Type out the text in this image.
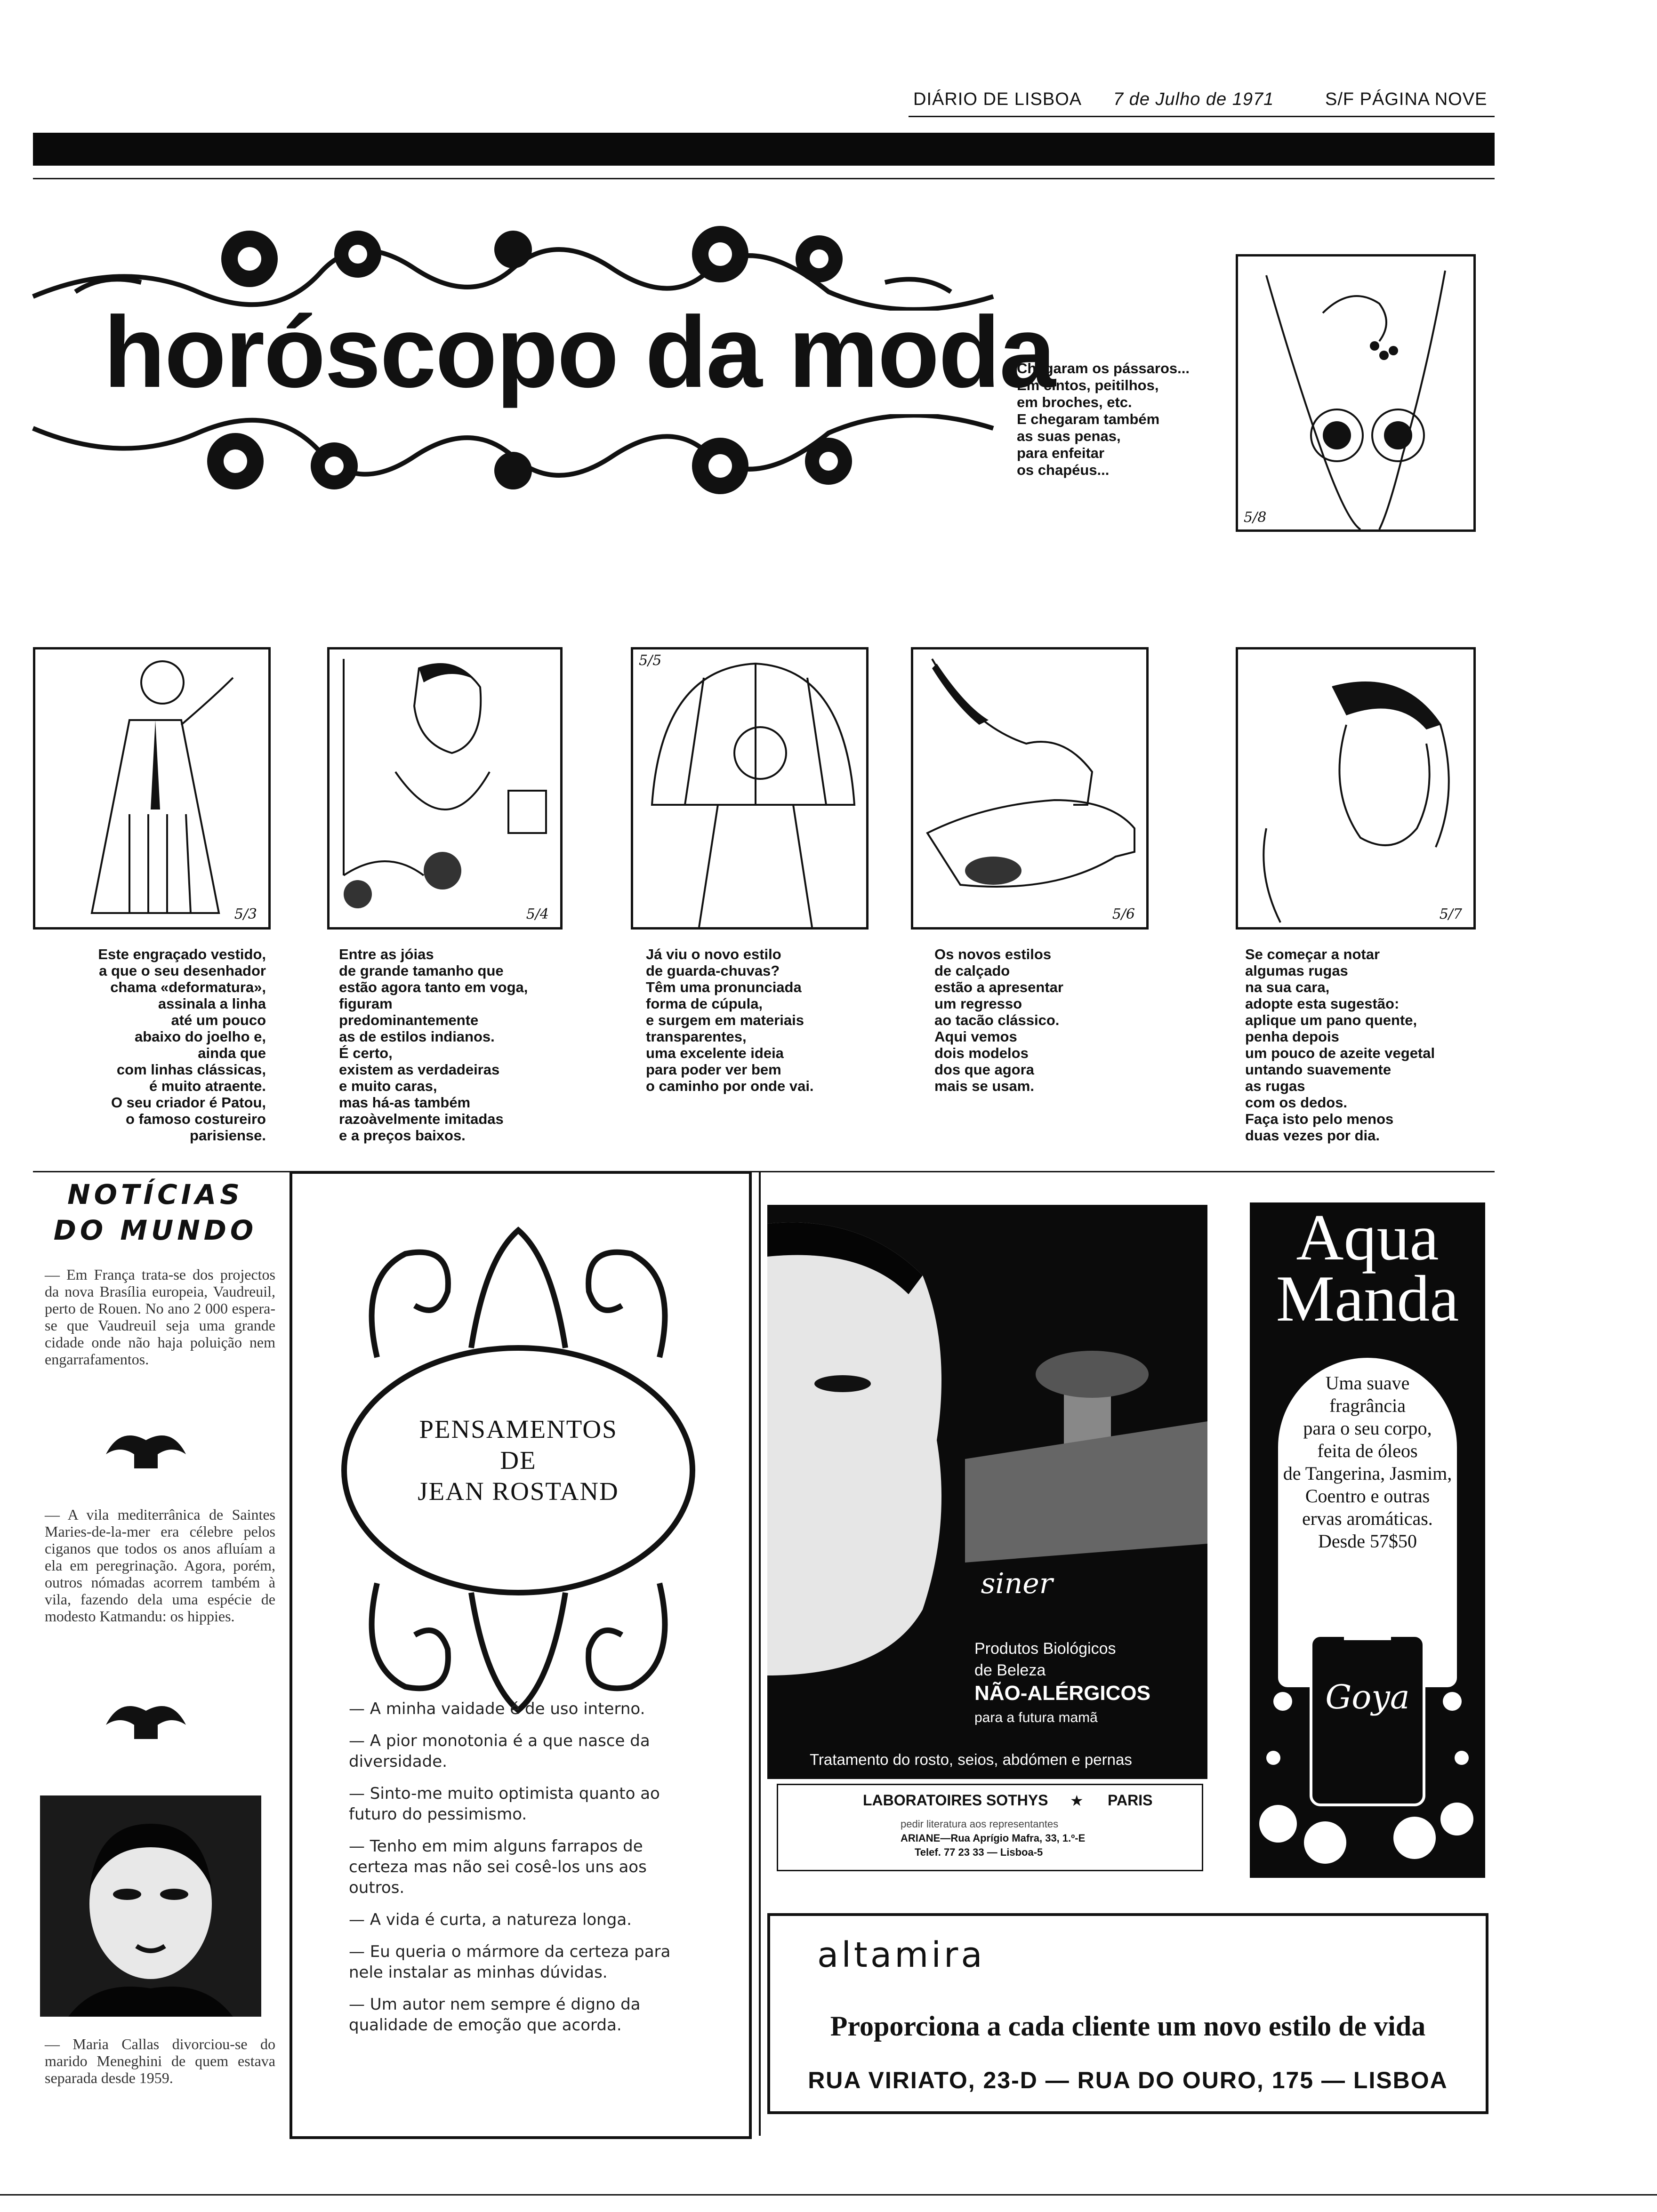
DIÁRIO DE LISBOA 7 de Julho de 1971	S/F PÁGINA NOVE
horóscopo da moda
Chegaram os pássaros...
Em cintos, peitilhos,
em broches, etc.
E chegaram também
as suas penas,
para enfeitar
os chapéus...
5/8
5/3	5/4
5/5
5/6	5/7
Este engraçado vestido,
a que o seu desenhador
chama «deformatura»,
assinala a linha
até um pouco
abaixo do joelho e,
ainda que
com linhas clássicas,
é muito atraente.
O seu criador é Patou,
o famoso costureiro
parisiense.
Entre as jóias
de grande tamanho que
estão agora tanto em voga,
figuram
predominantemente
as de estilos indianos.
É certo,
existem as verdadeiras
e muito caras,
mas há-as também
razoàvelmente imitadas
e a preços baixos.
Já viu o novo estilo
de guarda-chuvas?
Têm uma pronunciada
forma de cúpula,
e surgem em materiais
transparentes,
uma excelente ideia
para poder ver bem
o caminho por onde vai.
Os novos estilos
de calçado
estão a apresentar
um regresso
ao tacão clássico.
Aqui vemos
dois modelos
dos que agora
mais se usam.
Se começar a notar
algumas rugas
na sua cara,
adopte esta sugestão:
aplique um pano quente,
penha depois
um pouco de azeite vegetal
untando suavemente
as rugas
com os dedos.
Faça isto pelo menos
duas vezes por dia.
NOTÍCIAS
DO MUNDO
— Em França trata-se dos projectos da nova Brasília europeia, Vaudreuil, perto de Rouen. No ano 2 000 espera-se que Vaudreuil seja uma grande cidade onde não haja poluição nem engarrafamentos.
— A vila mediterrânica de Saintes Maries-de-la-mer era célebre pelos ciganos que todos os anos afluíam a ela em peregrinação. Agora, porém, outros nómadas acorrem também à vila, fazendo dela uma espécie de modesto Katmandu: os hippies.
— Maria Callas divorciou-se do marido Meneghini de quem estava separada desde 1959.
PENSAMENTOS
DE
JEAN ROSTAND

— A minha vaidade é de uso interno.

— A pior monotonia é a que nasce da diversidade.

— Sinto-me muito optimista quanto ao futuro do pessimismo.

— Tenho em mim alguns farrapos de certeza mas não sei cosê-los uns aos outros.

— A vida é curta, a natureza longa.

— Eu queria o mármore da certeza para nele instalar as minhas dúvidas.

— Um autor nem sempre é digno da qualidade de emoção que acorda.

siner
Produtos Biológicos
de Beleza
NÃO-ALÉRGICOS
para a futura mamã
Tratamento do rosto, seios, abdómen e pernas
LABORATOIRES SOTHYS ★ PARIS
pedir literatura aos representantes
ARIANE—Rua Aprígio Mafra, 33, 1.º-E
Telef. 77 23 33 — Lisboa-5
Aqua
Manda
Uma suave
fragrância
para o seu corpo,
feita de óleos
de Tangerina, Jasmim,
Coentro e outras
ervas aromáticas.
Desde 57$50
Goya
altamira
Proporciona a cada cliente um novo estilo de vida
RUA VIRIATO, 23-D — RUA DO OURO, 175 — LISBOA
